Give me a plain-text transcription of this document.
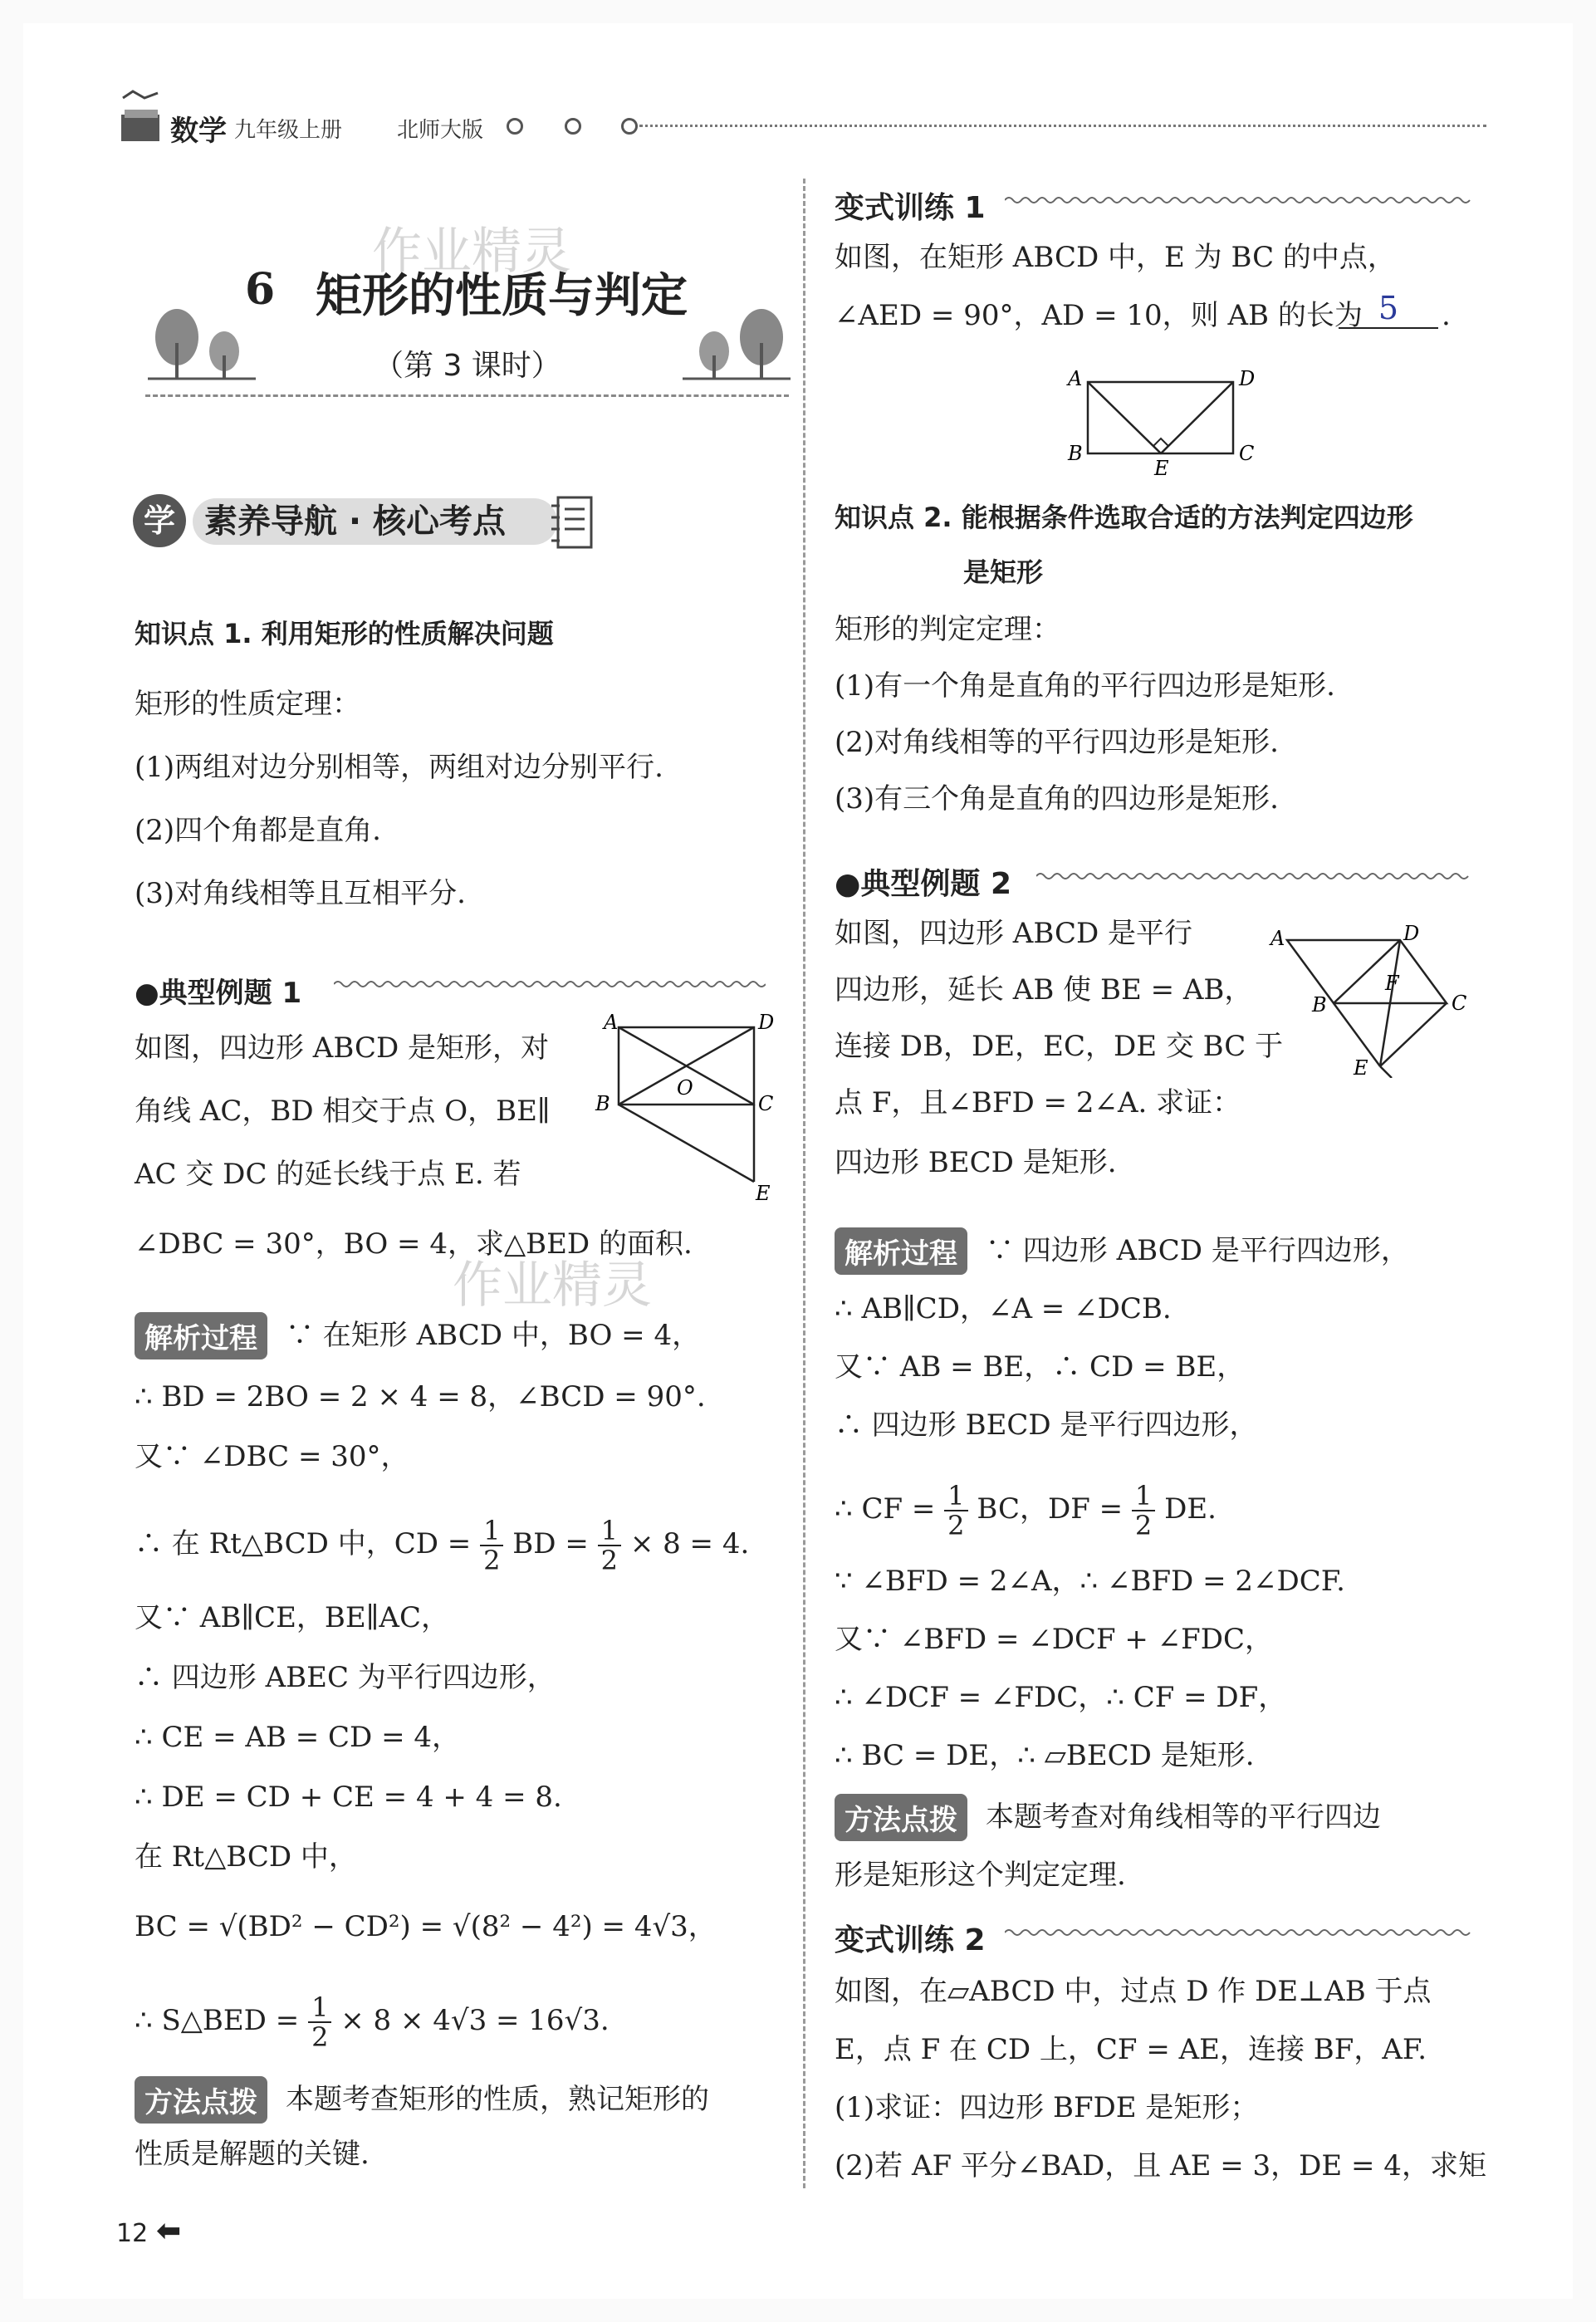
数学 九年级上册	北师大版
作业精灵
6 矩形的性质与判定
（第 3 课时）
学 素养导航 · 核心考点
知识点 1. 利用矩形的性质解决问题
矩形的性质定理：
(1)两组对边分别相等，两组对边分别平行.
(2)四个角都是直角.
(3)对角线相等且互相平分.
●典型例题 1
如图，四边形 ABCD 是矩形，对
角线 AC，BD 相交于点 O，BE∥
AC 交 DC 的延长线于点 E. 若
∠DBC = 30°，BO = 4，求△BED 的面积.
作业精灵
A	D
B	C
O
E
解析过程	∵ 在矩形 ABCD 中，BO = 4，
∴ BD = 2BO = 2 × 4 = 8，∠BCD = 90°.
又∵ ∠DBC = 30°，
∴ 在 Rt△BCD 中，CD = $\frac{1}{2}$ BD = $\frac{1}{2} \times 8 = 4$.
又∵ AB∥CE，BE∥AC，
∴ 四边形 ABEC 为平行四边形，
∴ CE = AB = CD = 4，
∴ DE = CD + CE = 4 + 4 = 8.
在 Rt△BCD 中，
BC = √(BD² − CD²) = √(8² − 4²) = 4√3，
∴ S△BED = $\frac{1}{2} \times 8 \times 4√3 = 16√3$.
方法点拨	本题考查矩形的性质，熟记矩形的
性质是解题的关键.
12 ⬅
变式训练 1
如图，在矩形 ABCD 中，E 为 BC 的中点，
∠AED = 90°，AD = 10，则 AB 的长为 5	.
A	D
B	C
E
知识点 2. 能根据条件选取合适的方法判定四边形
是矩形
矩形的判定定理：
(1)有一个角是直角的平行四边形是矩形.
(2)对角线相等的平行四边形是矩形.
(3)有三个角是直角的四边形是矩形.
●典型例题 2
如图，四边形 ABCD 是平行
四边形，延长 AB 使 BE = AB，
连接 DB，DE，EC，DE 交 BC 于
点 F，且∠BFD = 2∠A. 求证：
四边形 BECD 是矩形.
A	D
B	C
F
E
解析过程	∵ 四边形 ABCD 是平行四边形，
∴ AB∥CD，∠A = ∠DCB.
又∵ AB = BE，∴ CD = BE，
∴ 四边形 BECD 是平行四边形，
∴ CF = $\frac{1}{2}$ BC，DF = $\frac{1}{2}$ DE.
∵ ∠BFD = 2∠A，∴ ∠BFD = 2∠DCF.
又∵ ∠BFD = ∠DCF + ∠FDC，
∴ ∠DCF = ∠FDC，∴ CF = DF，
∴ BC = DE，∴ ▱BECD 是矩形.
方法点拨	本题考查对角线相等的平行四边
形是矩形这个判定定理.
变式训练 2
如图，在▱ABCD 中，过点 D 作 DE⊥AB 于点
E，点 F 在 CD 上，CF = AE，连接 BF，AF.
(1)求证：四边形 BFDE 是矩形；
(2)若 AF 平分∠BAD，且 AE = 3，DE = 4，求矩
